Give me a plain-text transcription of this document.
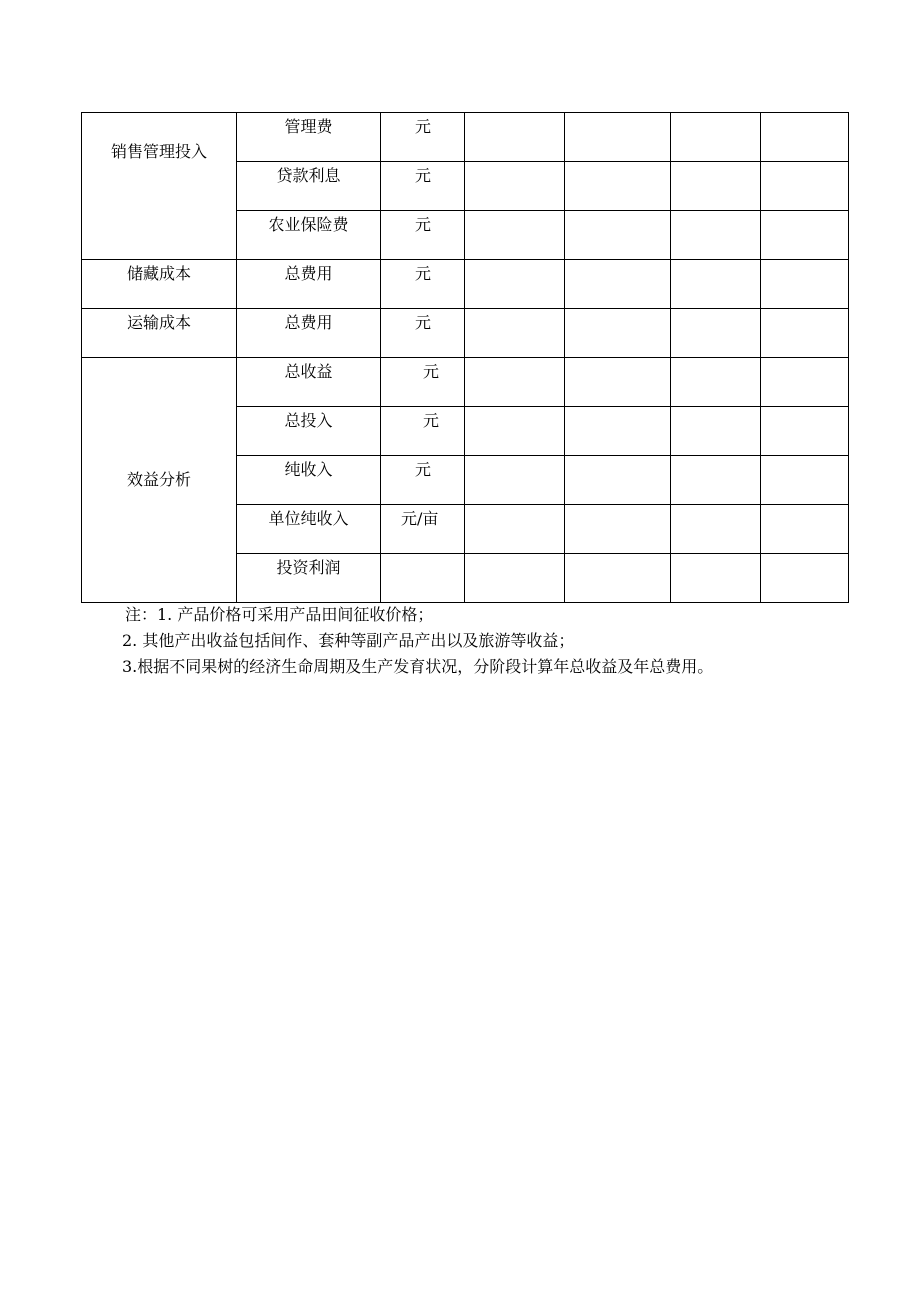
销售管理投入	管理费	元				

	贷款利息	元				

	农业保险费	元				

储藏成本	总费用	元				

运输成本	总费用	元				

效益分析	总收益	元				

	总投入	元				

	纯收入	元				

	单位纯收入	元/亩				

	投资利润					

注：1. 产品价格可采用产品田间征收价格；
2. 其他产出收益包括间作、套种等副产品产出以及旅游等收益；
3.根据不同果树的经济生命周期及生产发育状况，分阶段计算年总收益及年总费用。
